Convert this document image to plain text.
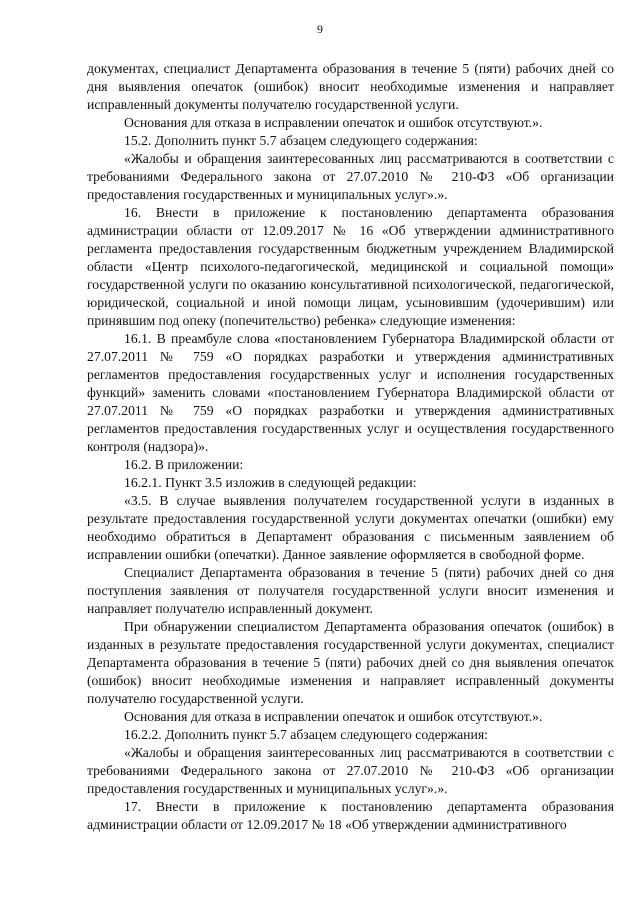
9

документах, специалист Департамента образования в течение 5 (пяти) рабочих дней со дня выявления опечаток (ошибок) вносит необходимые изменения и направляет исправленный документы получателю государственной услуги.

Основания для отказа в исправлении опечаток и ошибок отсутствуют.».

15.2. Дополнить пункт 5.7 абзацем следующего содержания:

«Жалобы и обращения заинтересованных лиц рассматриваются в соответствии с требованиями Федерального закона от 27.07.2010 № 210-ФЗ «Об организации предоставления государственных и муниципальных услуг».».

16. Внести в приложение к постановлению департамента образования администрации области от 12.09.2017 № 16 «Об утверждении административного регламента предоставления государственным бюджетным учреждением Владимирской области «Центр психолого-педагогической, медицинской и социальной помощи» государственной услуги по оказанию консультативной психологической, педагогической, юридической, социальной и иной помощи лицам, усыновившим (удочерившим) или принявшим под опеку (попечительство) ребенка» следующие изменения:

16.1. В преамбуле слова «постановлением Губернатора Владимирской области от 27.07.2011 № 759 «О порядках разработки и утверждения административных регламентов предоставления государственных услуг и исполнения государственных функций» заменить словами «постановлением Губернатора Владимирской области от 27.07.2011 № 759 «О порядках разработки и утверждения административных регламентов предоставления государственных услуг и осуществления государственного контроля (надзора)».

16.2. В приложении:

16.2.1. Пункт 3.5 изложив в следующей редакции:

«3.5. В случае выявления получателем государственной услуги в изданных в результате предоставления государственной услуги документах опечатки (ошибки) ему необходимо обратиться в Департамент образования с письменным заявлением об исправлении ошибки (опечатки). Данное заявление оформляется в свободной форме.

Специалист Департамента образования в течение 5 (пяти) рабочих дней со дня поступления заявления от получателя государственной услуги вносит изменения и направляет получателю исправленный документ.

При обнаружении специалистом Департамента образования опечаток (ошибок) в изданных в результате предоставления государственной услуги документах, специалист Департамента образования в течение 5 (пяти) рабочих дней со дня выявления опечаток (ошибок) вносит необходимые изменения и направляет исправленный документы получателю государственной услуги.

Основания для отказа в исправлении опечаток и ошибок отсутствуют.».

16.2.2. Дополнить пункт 5.7 абзацем следующего содержания:

«Жалобы и обращения заинтересованных лиц рассматриваются в соответствии с требованиями Федерального закона от 27.07.2010 № 210-ФЗ «Об организации предоставления государственных и муниципальных услуг».».

17. Внести в приложение к постановлению департамента образования администрации области от 12.09.2017 № 18 «Об утверждении административного
